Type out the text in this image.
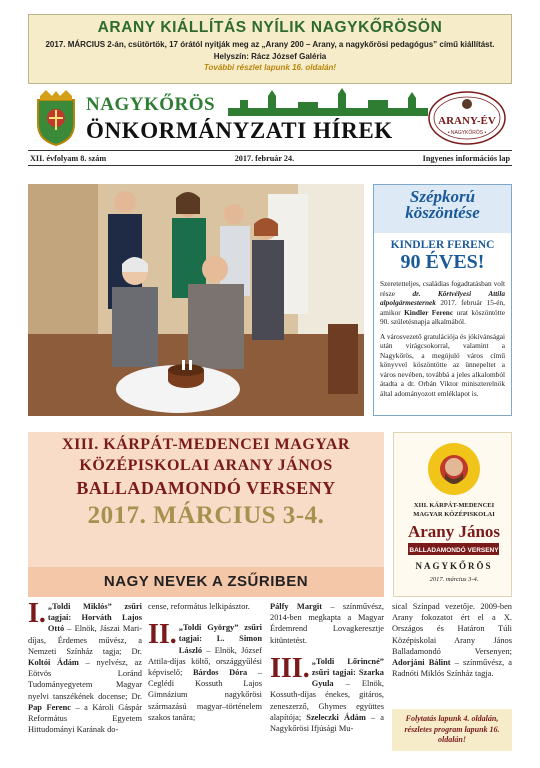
ARANY KIÁLLÍTÁS NYÍLIK NAGYKŐRÖSÖN
2017. MÁRCIUS 2-án, csütörtök, 17 órától nyitják meg az „Arany 200 – Arany, a nagykőrösi pedagógus” című kiállítást.
Helyszín: Rácz József Galéria
További részlet lapunk 16. oldalán!
NAGYKŐRÖS
ÖNKORMÁNYZATI HÍREK	ARANY-ÉV
• NAGYKŐRÖS •
XII. évfolyam 8. szám	2017. február 24.	Ingyenes információs lap
Szépkorú
köszöntése
KINDLER FERENC
90 ÉVES!

Szeretetteljes, családias fogadtatásban volt része dr. Körtvélyesi Attila alpolgármesternek 2017. február 15-én, amikor Kindler Ferenc urat köszöntötte 90. születésnapja alkalmából.

A városvezető gratulációja és jókívánságai után virágcsokorral, valamint a Nagykőrös, a megújuló város című könyvvel köszöntötte az ünnepeltet a város nevében, továbbá a jeles alkalomból átadta a dr. Orbán Viktor miniszterelnök által adományozott emléklapot is.

XIII. KÁRPÁT-MEDENCEI MAGYAR
KÖZÉPISKOLAI ARANY JÁNOS
BALLADAMONDÓ VERSENY
2017. MÁRCIUS 3-4.
NAGY NEVEK A ZSŰRIBEN
XIII. KÁRPÁT-MEDENCEI
MAGYAR KÖZÉPISKOLAI
Arany János
BALLADAMONDÓ VERSENY
NAGYKŐRÖS
2017. március 3-4.
I. „Toldi Miklós” zsűri tagjai: Horváth Lajos Ottó – Elnök, Jászai Mari-díjas, Érdemes művész, a Nemzeti Színház tagja; Dr. Koltói Ádám – nyelvész, az Eötvös Loránd Tudományegyetem Magyar nyelvi tanszékének docense; Dr. Pap Ferenc – a Károli Gáspár Református Egyetem Hittudományi Karának do-
cense, református lelkipásztor.
II. „Toldi György” zsűri tagjai: L. Simon László – Elnök, József Attila-díjas költő, országgyűlési képviselő; Bárdos Dóra – Ceglédi Kossuth Lajos Gimnázium nagykőrösi származású magyar–történelem szakos tanára;
Pálfy Margit – színművész, 2014-ben megkapta a Magyar Érdemrend Lovagkeresztje kitüntetést.
III. „Toldi Lőrincné” zsűri tagjai: Szarka Gyula – Elnök, Kossuth-díjas énekes, gitáros, zeneszerző, Ghymes együttes alapítója; Szeleczki Ádám – a Nagykőrösi Ifjúsági Mu-
sical Színpad vezetője. 2009-ben Arany fokozatot ért el a X. Országos és Határon Túli Középiskolai Arany János Balladamondó Versenyen; Adorjáni Bálint – színművész, a Radnóti Miklós Színház tagja.
Folytatás lapunk 4. oldalán, részletes program lapunk 16. oldalán!
